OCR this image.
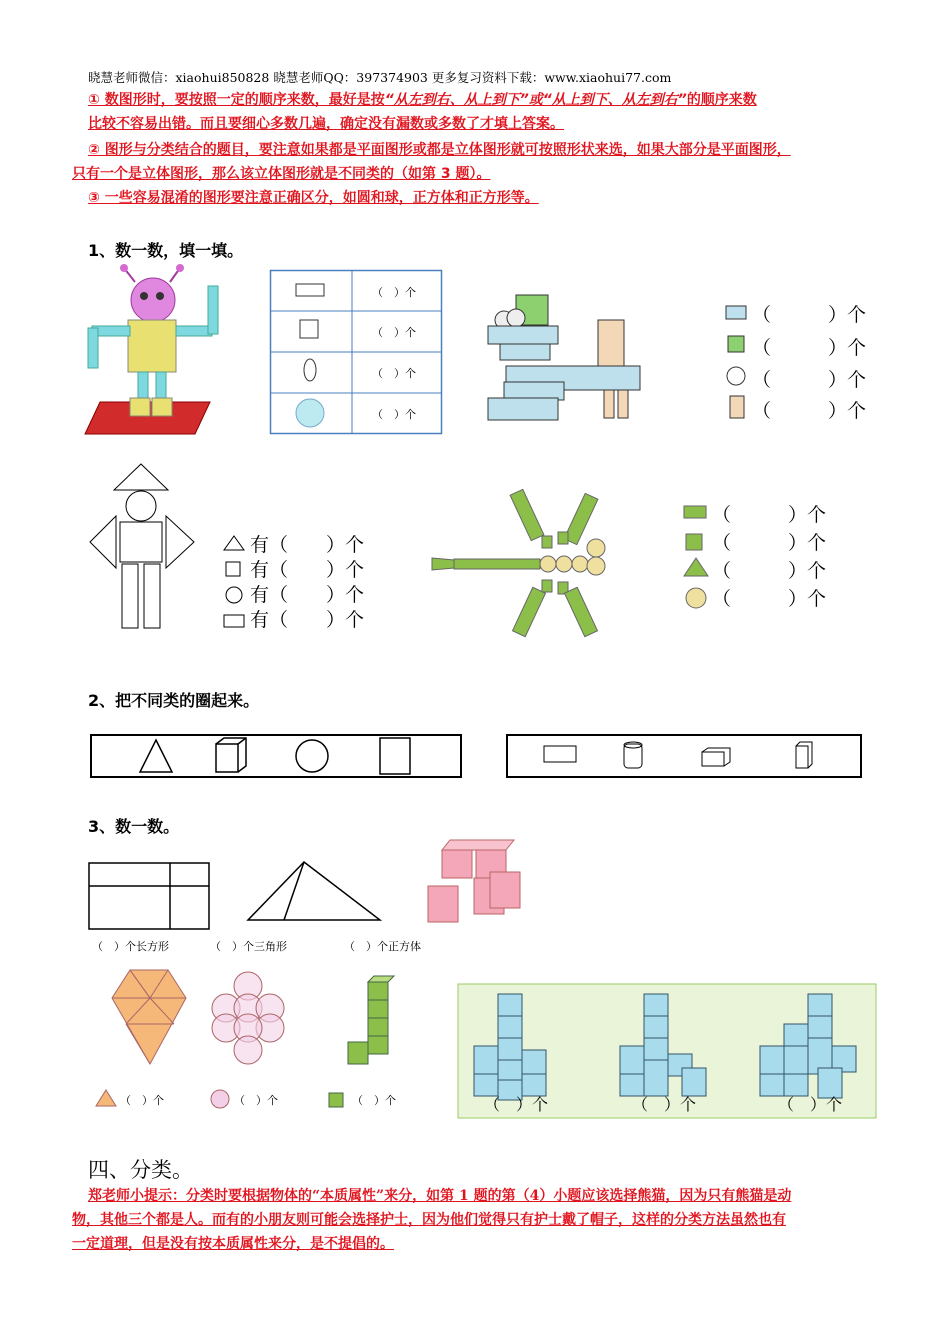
晓慧老师微信：xiaohui850828 晓慧老师QQ：397374903 更多复习资料下载：www.xiaohui77.com
① 数图形时，要按照一定的顺序来数，最好是按“从左到右、从上到下”或“从上到下、从左到右”的顺序来数
比较不容易出错。而且要细心多数几遍，确定没有漏数或多数了才填上答案。
② 图形与分类结合的题目，要注意如果都是平面图形或都是立体图形就可按照形状来选，如果大部分是平面图形，
只有一个是立体图形，那么该立体图形就是不同类的（如第 3 题）。
③ 一些容易混淆的图形要注意正确区分，如圆和球，正方体和正方形等。
1、数一数，填一填。
（　）个
（　）个
（　）个
（　）个
（　　　）个
（　　　）个
（　　　）个
（　　　）个
有（　　）个
有（　　）个
有（　　）个
有（　　）个
（　　　）个
（　　　）个
（　　　）个
（　　　）个
2、把不同类的圈起来。
3、数一数。
（　）个长方形	（　）个三角形	（　）个正方体
（　）个	（　）个	（　）个	（　）个	（　）个	（　）个
四、分类。
郑老师小提示：分类时要根据物体的“本质属性”来分，如第 1 题的第（4）小题应该选择熊猫，因为只有熊猫是动
物，其他三个都是人。而有的小朋友则可能会选择护士，因为他们觉得只有护士戴了帽子，这样的分类方法虽然也有
一定道理，但是没有按本质属性来分，是不提倡的。
